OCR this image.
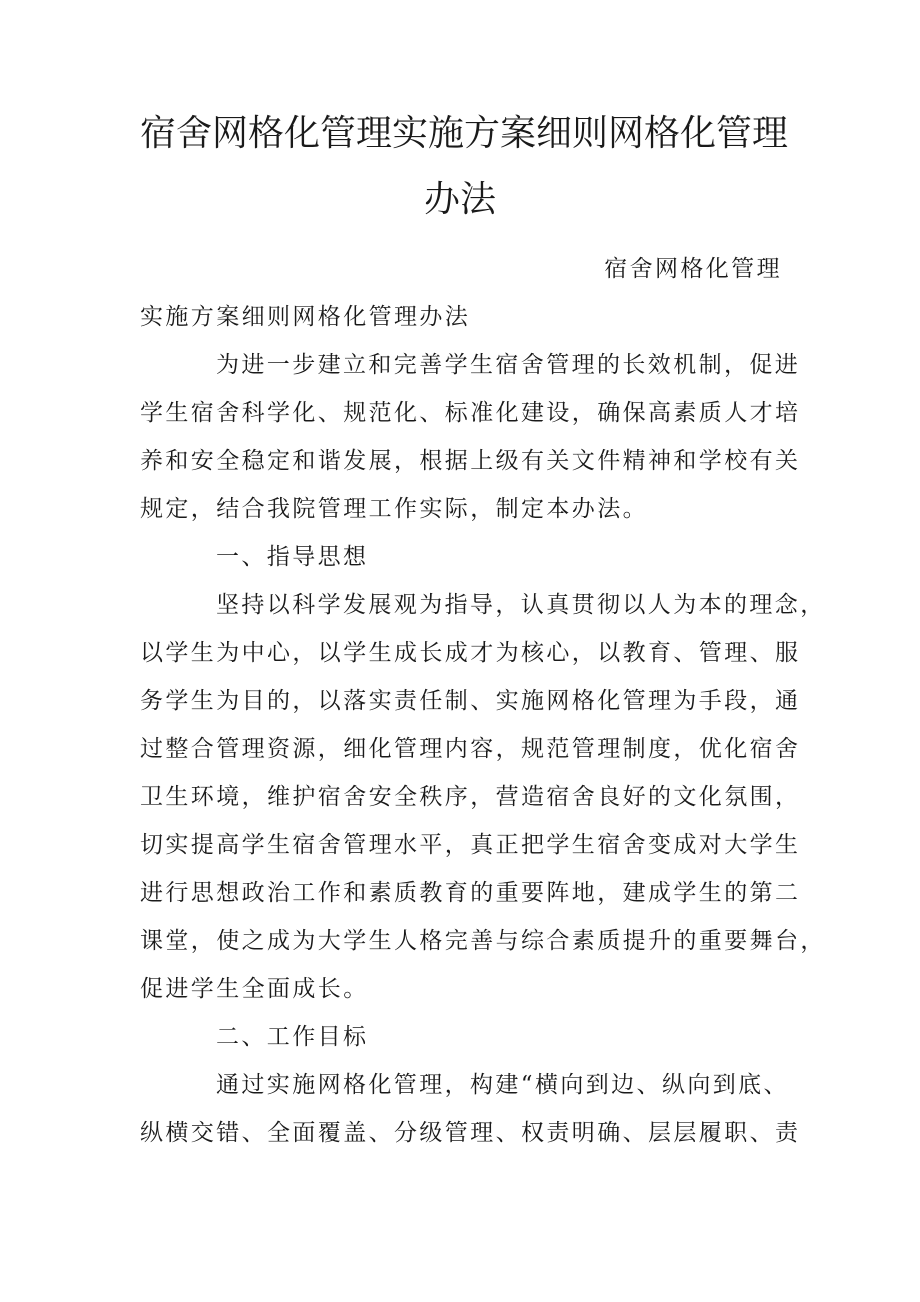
宿舍网格化管理实施方案细则网格化管理
办法
宿舍网格化管理
实施方案细则网格化管理办法
为进一步建立和完善学生宿舍管理的长效机制，促进
学生宿舍科学化、规范化、标准化建设，确保高素质人才培
养和安全稳定和谐发展，根据上级有关文件精神和学校有关
规定，结合我院管理工作实际，制定本办法。
一、指导思想
坚持以科学发展观为指导，认真贯彻以人为本的理念，
以学生为中心，以学生成长成才为核心，以教育、管理、服
务学生为目的，以落实责任制、实施网格化管理为手段，通
过整合管理资源，细化管理内容，规范管理制度，优化宿舍
卫生环境，维护宿舍安全秩序，营造宿舍良好的文化氛围，
切实提高学生宿舍管理水平，真正把学生宿舍变成对大学生
进行思想政治工作和素质教育的重要阵地，建成学生的第二
课堂，使之成为大学生人格完善与综合素质提升的重要舞台，
促进学生全面成长。
二、工作目标
通过实施网格化管理，构建“横向到边、纵向到底、
纵横交错、全面覆盖、分级管理、权责明确、层层履职、责
